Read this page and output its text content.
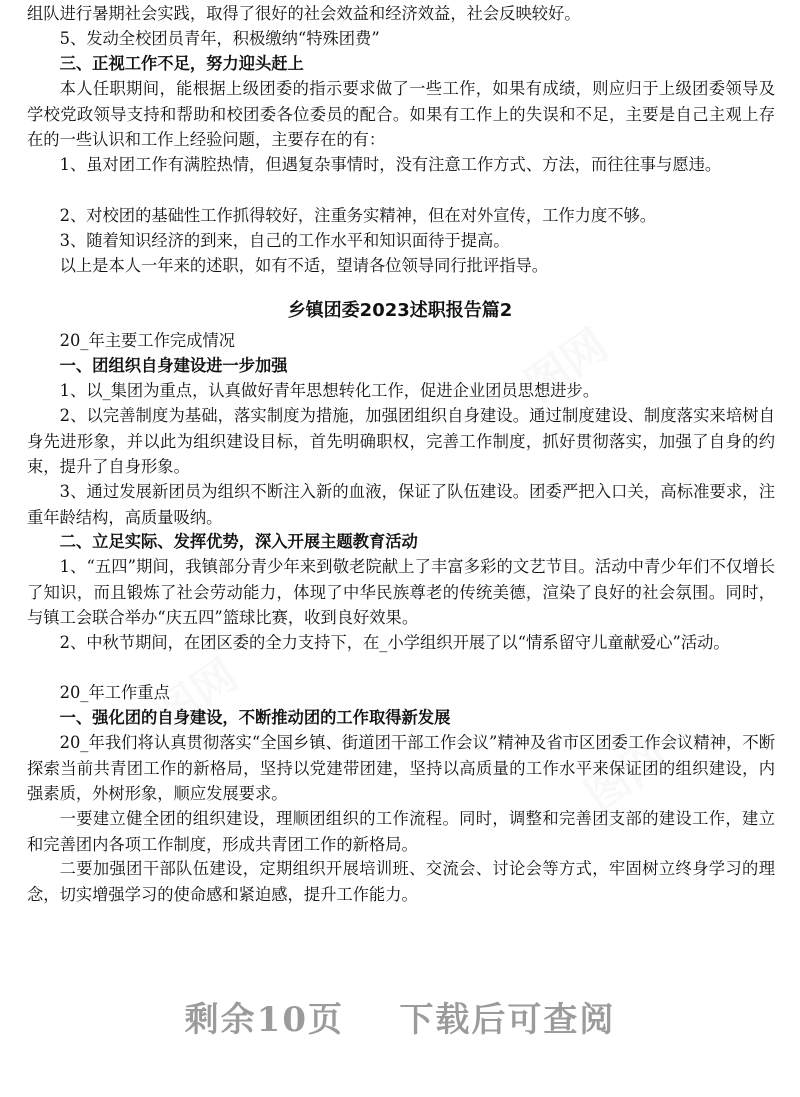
图网
图网
图网

组队进行暑期社会实践，取得了很好的社会效益和经济效益，社会反映较好。

5、发动全校团员青年，积极缴纳“特殊团费”

三、正视工作不足，努力迎头赶上

本人任职期间，能根据上级团委的指示要求做了一些工作，如果有成绩，则应归于上级团委领导及学校党政领导支持和帮助和校团委各位委员的配合。如果有工作上的失误和不足，主要是自己主观上存在的一些认识和工作上经验问题，主要存在的有：

1、虽对团工作有满腔热情，但遇复杂事情时，没有注意工作方式、方法，而往往事与愿违。

2、对校团的基础性工作抓得较好，注重务实精神，但在对外宣传，工作力度不够。

3、随着知识经济的到来，自己的工作水平和知识面待于提高。

以上是本人一年来的述职，如有不适，望请各位领导同行批评指导。

乡镇团委2023述职报告篇2

20_年主要工作完成情况

一、团组织自身建设进一步加强

1、以_集团为重点，认真做好青年思想转化工作，促进企业团员思想进步。

2、以完善制度为基础，落实制度为措施，加强团组织自身建设。通过制度建设、制度落实来培树自身先进形象，并以此为组织建设目标，首先明确职权，完善工作制度，抓好贯彻落实，加强了自身的约束，提升了自身形象。

3、通过发展新团员为组织不断注入新的血液，保证了队伍建设。团委严把入口关，高标准要求，注重年龄结构，高质量吸纳。

二、立足实际、发挥优势，深入开展主题教育活动

1、“五四”期间，我镇部分青少年来到敬老院献上了丰富多彩的文艺节目。活动中青少年们不仅增长了知识，而且锻炼了社会劳动能力，体现了中华民族尊老的传统美德，渲染了良好的社会氛围。同时，与镇工会联合举办“庆五四”篮球比赛，收到良好效果。

2、中秋节期间，在团区委的全力支持下，在_小学组织开展了以“情系留守儿童献爱心”活动。

20_年工作重点

一、强化团的自身建设，不断推动团的工作取得新发展

20_年我们将认真贯彻落实“全国乡镇、街道团干部工作会议”精神及省市区团委工作会议精神，不断探索当前共青团工作的新格局，坚持以党建带团建，坚持以高质量的工作水平来保证团的组织建设，内强素质，外树形象，顺应发展要求。

一要建立健全团的组织建设，理顺团组织的工作流程。同时，调整和完善团支部的建设工作，建立和完善团内各项工作制度，形成共青团工作的新格局。

二要加强团干部队伍建设，定期组织开展培训班、交流会、讨论会等方式，牢固树立终身学习的理念，切实增强学习的使命感和紧迫感，提升工作能力。

剩余10页    下载后可查阅
